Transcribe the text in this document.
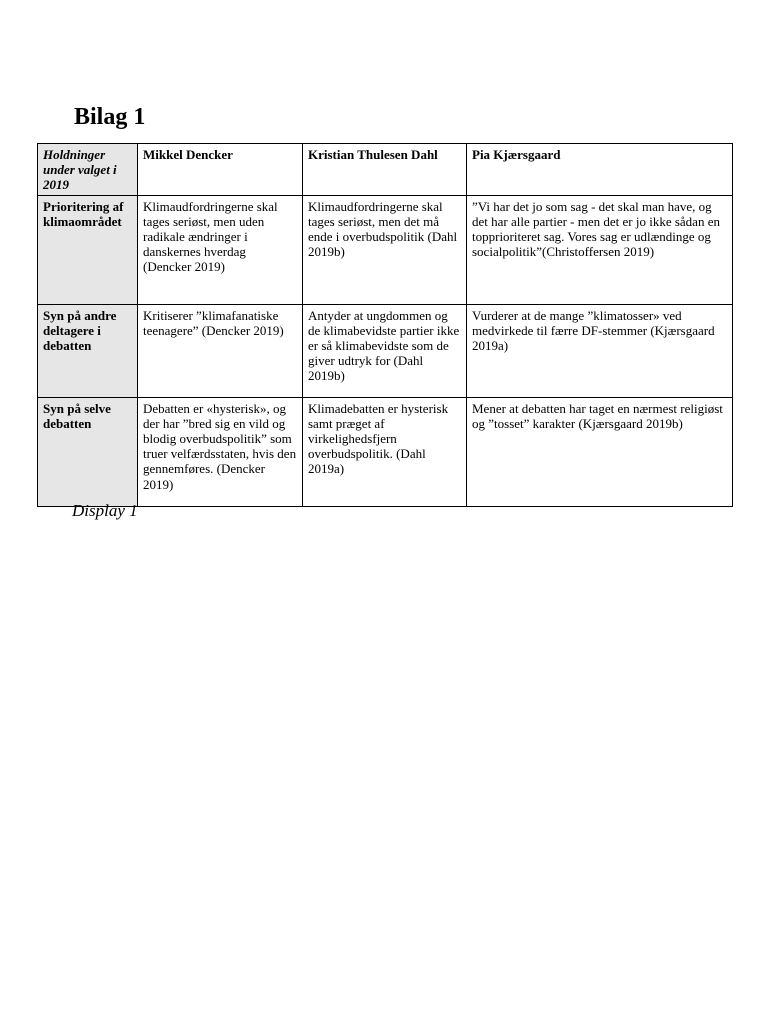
Bilag 1
Holdninger under valget i 2019	Mikkel Dencker	Kristian Thulesen Dahl	Pia Kjærsgaard
Prioritering af klimaområdet	Klimaudfordringerne skal tages seriøst, men uden radikale ændringer i danskernes hverdag (Dencker 2019)	Klimaudfordringerne skal tages seriøst, men det må ende i overbudspolitik (Dahl 2019b)	”Vi har det jo som sag - det skal man have, og det har alle partier - men det er jo ikke sådan en topprioriteret sag. Vores sag er udlændinge og socialpolitik”(Christoffersen 2019)
Syn på andre deltagere i debatten	Kritiserer ”klimafanatiske teenagere” (Dencker 2019)	Antyder at ungdommen og de klimabevidste partier ikke er så klimabevidste som de giver udtryk for (Dahl 2019b)	Vurderer at de mange ”klimatosser» ved medvirkede til færre DF-stemmer (Kjærsgaard 2019a)
Syn på selve debatten	Debatten er «hysterisk», og der har ”bred sig en vild og blodig overbudspolitik” som truer velfærdsstaten, hvis den gennemføres. (Dencker 2019)	Klimadebatten er hysterisk samt præget af virkelighedsfjern overbudspolitik. (Dahl 2019a)	Mener at debatten har taget en nærmest religiøst og ”tosset” karakter (Kjærsgaard 2019b)
Display 1
